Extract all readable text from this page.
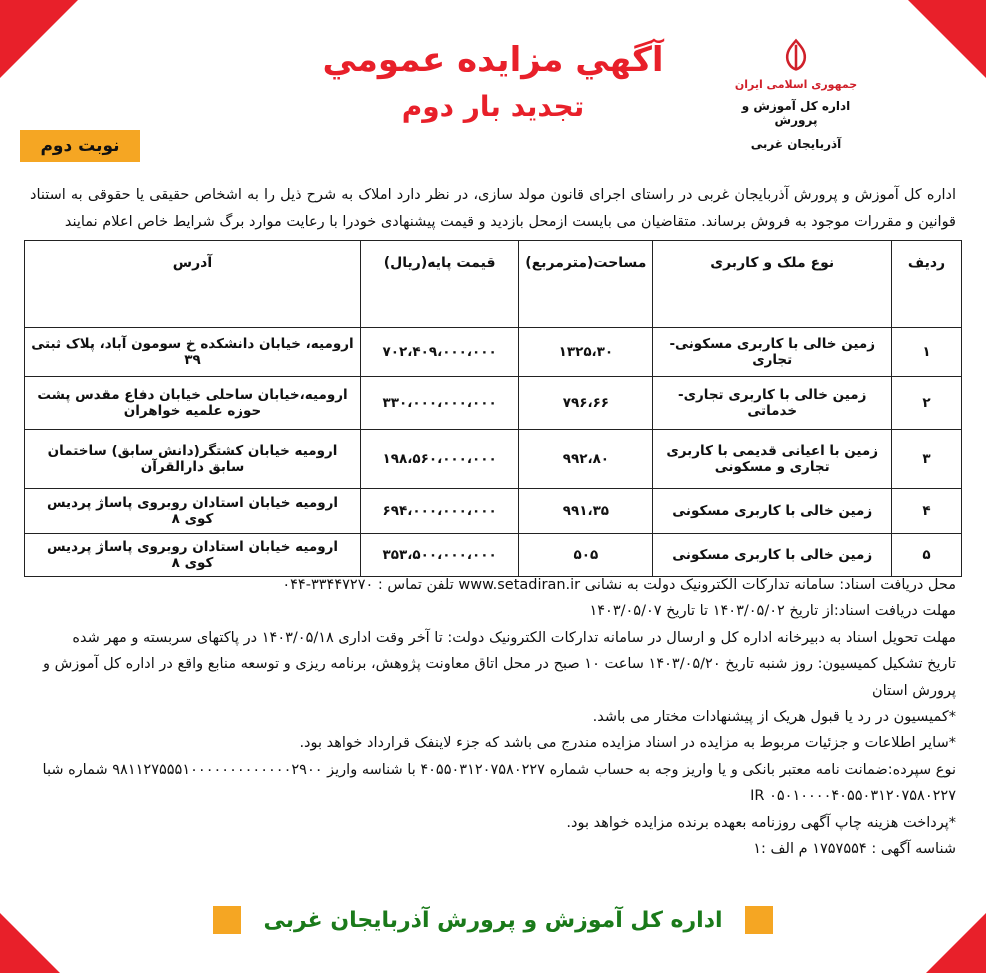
جمهوری اسلامی ایران
اداره کل آموزش و پرورش
آذربایجان غربی
آگهي مزايده عمومي
تجديد بار دوم
نوبت دوم
اداره کل آموزش و پرورش آذربایجان غربی در راستای اجرای قانون مولد سازی، در نظر دارد املاک به شرح ذیل را به اشخاص حقیقی یا حقوقی به استناد قوانین و مقررات موجود به فروش برساند. متقاضیان می بایست ازمحل بازدید و قیمت پیشنهادی خودرا با رعایت موارد برگ شرایط خاص اعلام نمایند
رديف	نوع ملک و کاربری	مساحت(مترمربع)	قيمت پايه(ريال)	آدرس
۱	زمين خالی با کاربری مسکونی-تجاری	۱۳۲۵،۳۰	۷۰۲،۴۰۹،۰۰۰،۰۰۰	اروميه، خيابان دانشکده خ سومون آباد، پلاک ثبتی ۳۹
۲	زمين خالی با کاربری تجاری- خدماتی	۷۹۶،۶۶	۳۳۰،۰۰۰،۰۰۰،۰۰۰	اروميه،خيابان ساحلی خيابان دفاع مقدس پشت حوزه علميه خواهران
۳	زمين با اعيانی قديمی با کاربری تجاری و مسکونی	۹۹۲،۸۰	۱۹۸،۵۶۰،۰۰۰،۰۰۰	اروميه خيابان کشتگر(دانش سابق) ساختمان سابق دارالقرآن
۴	زمين خالی با کاربری مسکونی	۹۹۱،۳۵	۶۹۴،۰۰۰،۰۰۰،۰۰۰	اروميه خيابان استادان روبروی پاساژ پرديس کوی ۸
۵	زمين خالی با کاربری مسکونی	۵۰۵	۳۵۳،۵۰۰،۰۰۰،۰۰۰	اروميه خيابان استادان روبروی پاساژ پرديس کوی ۸

محل دريافت اسناد: سامانه تدارکات الکترونيک دولت به نشانی www.setadiran.ir تلفن تماس : ۳۳۴۴۷۲۷۰-۰۴۴

مهلت دريافت اسناد:از تاريخ ۱۴۰۳/۰۵/۰۲ تا تاريخ ۱۴۰۳/۰۵/۰۷

مهلت تحويل اسناد به دبيرخانه اداره کل و ارسال در سامانه تدارکات الکترونيک دولت: تا آخر وقت اداری ۱۴۰۳/۰۵/۱۸ در پاکتهای سربسته و مهر شده

تاريخ تشکيل کميسيون: روز شنبه تاريخ ۱۴۰۳/۰۵/۲۰ ساعت ۱۰ صبح در محل اتاق معاونت پژوهش، برنامه ريزی و توسعه منابع واقع در اداره کل آموزش و پرورش استان

*کميسيون در رد يا قبول هريک از پيشنهادات مختار می باشد.

*ساير اطلاعات و جزئيات مربوط به مزايده در اسناد مزايده مندرج می باشد که جزء لاينفک قرارداد خواهد بود.

نوع سپرده:ضمانت نامه معتبر بانکی و يا واريز وجه به حساب شماره ۴۰۵۵۰۳۱۲۰۷۵۸۰۲۲۷ با شناسه واريز ۹۸۱۱۲۷۵۵۵۱۰۰۰۰۰۰۰۰۰۰۰۰۰۲۹۰۰ شماره شبا ۰۵۰۱۰۰۰۰۴۰۵۵۰۳۱۲۰۷۵۸۰۲۲۷ IR

*پرداخت هزينه چاپ آگهی روزنامه بعهده برنده مزايده خواهد بود.

شناسه آگهی : ۱۷۵۷۵۵۴ م الف :۱

اداره کل آموزش و پرورش آذربایجان غربی
